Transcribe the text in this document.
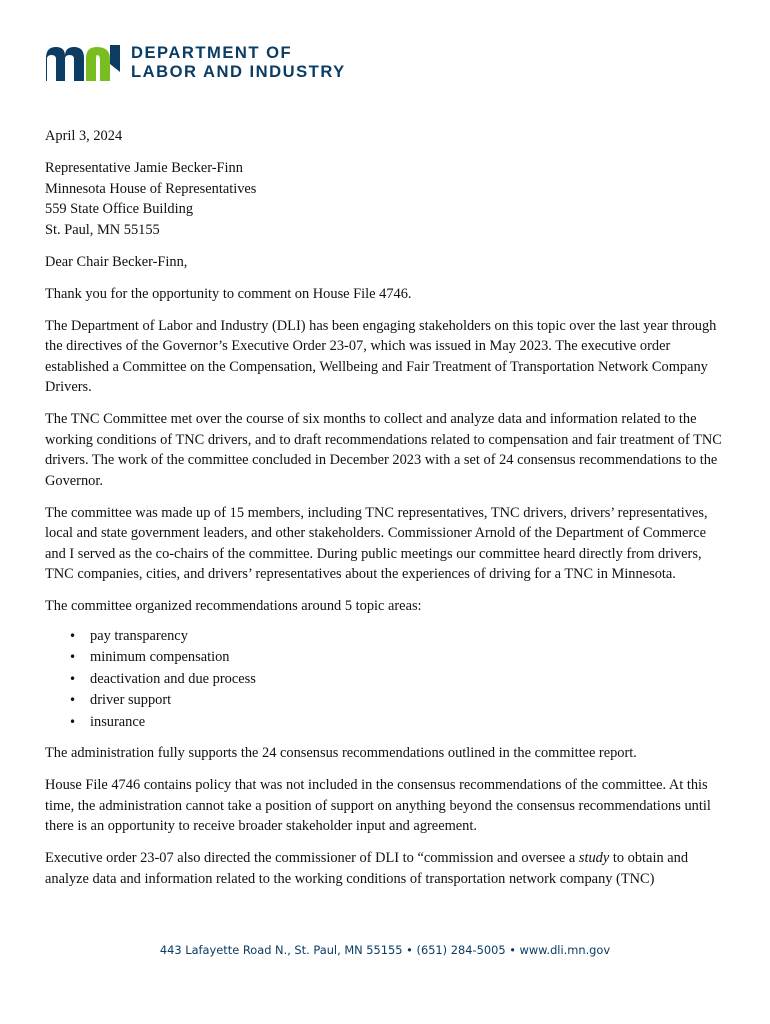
DEPARTMENT OF
LABOR AND INDUSTRY

April 3, 2024

Representative Jamie Becker-Finn
Minnesota House of Representatives
559 State Office Building
St. Paul, MN 55155

Dear Chair Becker-Finn,

Thank you for the opportunity to comment on House File 4746.

The Department of Labor and Industry (DLI) has been engaging stakeholders on this topic over the last year through the directives of the Governor’s Executive Order 23-07, which was issued in May 2023. The executive order established a Committee on the Compensation, Wellbeing and Fair Treatment of Transportation Network Company Drivers.

The TNC Committee met over the course of six months to collect and analyze data and information related to the working conditions of TNC drivers, and to draft recommendations related to compensation and fair treatment of TNC drivers. The work of the committee concluded in December 2023 with a set of 24 consensus recommendations to the Governor.

The committee was made up of 15 members, including TNC representatives, TNC drivers, drivers’ representatives, local and state government leaders, and other stakeholders. Commissioner Arnold of the Department of Commerce and I served as the co-chairs of the committee. During public meetings our committee heard directly from drivers, TNC companies, cities, and drivers’ representatives about the experiences of driving for a TNC in Minnesota.

The committee organized recommendations around 5 topic areas:

• pay transparency
• minimum compensation
• deactivation and due process
• driver support
• insurance

The administration fully supports the 24 consensus recommendations outlined in the committee report.

House File 4746 contains policy that was not included in the consensus recommendations of the committee. At this time, the administration cannot take a position of support on anything beyond the consensus recommendations until there is an opportunity to receive broader stakeholder input and agreement.

Executive order 23-07 also directed the commissioner of DLI to “commission and oversee a study to obtain and analyze data and information related to the working conditions of transportation network company (TNC)

443 Lafayette Road N., St. Paul, MN 55155 • (651) 284-5005 • www.dli.mn.gov
